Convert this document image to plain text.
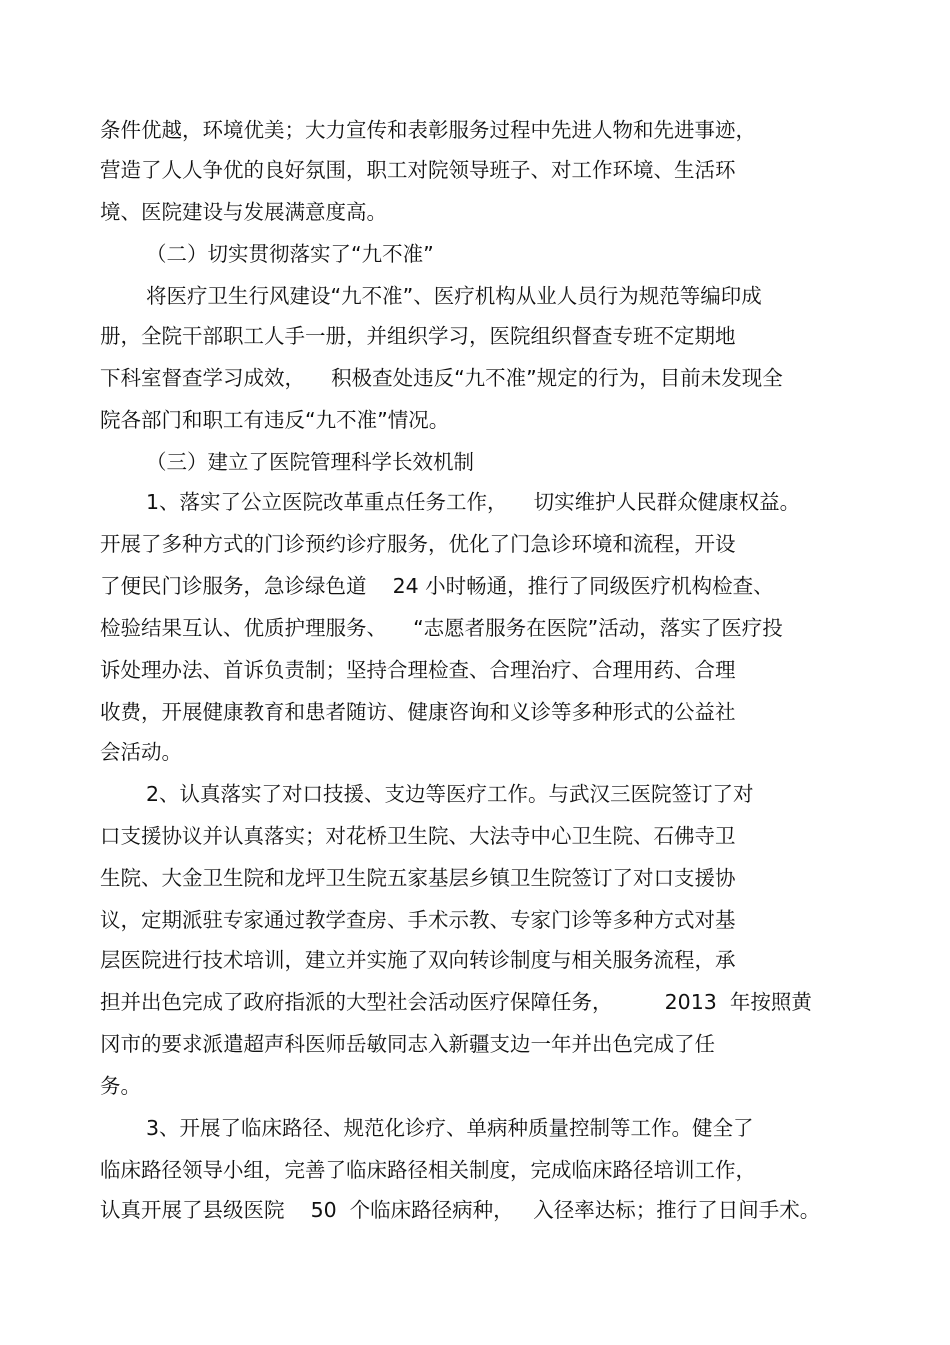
条件优越，环境优美；大力宣传和表彰服务过程中先进人物和先进事迹，
营造了人人争优的良好氛围，职工对院领导班子、对工作环境、生活环
境、医院建设与发展满意度高。
（二）切实贯彻落实了“九不准”
将医疗卫生行风建设“九不准”、医疗机构从业人员行为规范等编印成
册，全院干部职工人手一册，并组织学习，医院组织督查专班不定期地
下科室督查学习成效，    积极查处违反“九不准”规定的行为，目前未发现全
院各部门和职工有违反“九不准”情况。
（三）建立了医院管理科学长效机制
1、落实了公立医院改革重点任务工作，    切实维护人民群众健康权益。
开展了多种方式的门诊预约诊疗服务，优化了门急诊环境和流程，开设
了便民门诊服务，急诊绿色道    24 小时畅通，推行了同级医疗机构检查、
检验结果互认、优质护理服务、    “志愿者服务在医院”活动，落实了医疗投
诉处理办法、首诉负责制；坚持合理检查、合理治疗、合理用药、合理
收费，开展健康教育和患者随访、健康咨询和义诊等多种形式的公益社
会活动。
2、认真落实了对口技援、支边等医疗工作。与武汉三医院签订了对
口支援协议并认真落实；对花桥卫生院、大法寺中心卫生院、石佛寺卫
生院、大金卫生院和龙坪卫生院五家基层乡镇卫生院签订了对口支援协
议，定期派驻专家通过教学查房、手术示教、专家门诊等多种方式对基
层医院进行技术培训，建立并实施了双向转诊制度与相关服务流程，承
担并出色完成了政府指派的大型社会活动医疗保障任务，        2013  年按照黄
冈市的要求派遣超声科医师岳敏同志入新疆支边一年并出色完成了任
务。
3、开展了临床路径、规范化诊疗、单病种质量控制等工作。健全了
临床路径领导小组，完善了临床路径相关制度，完成临床路径培训工作，
认真开展了县级医院    50  个临床路径病种，   入径率达标；推行了日间手术。
